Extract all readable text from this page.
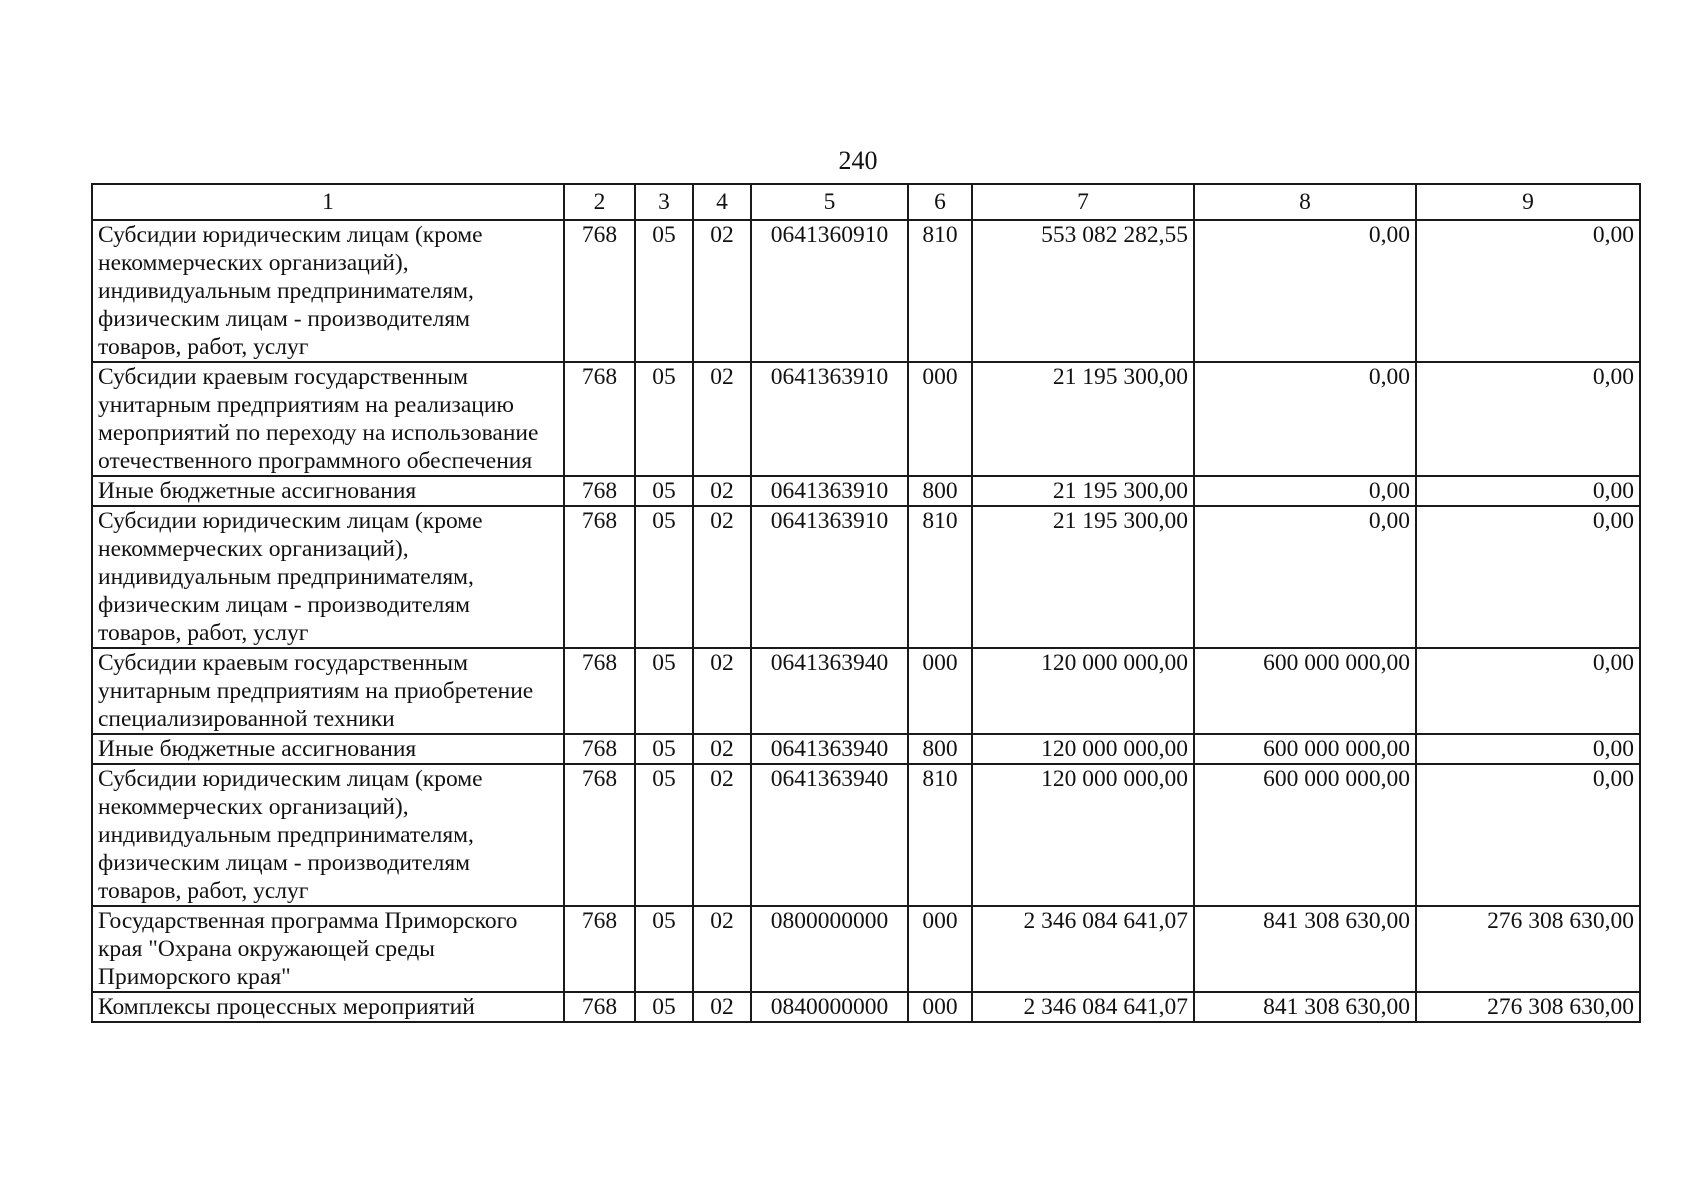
240
1	2	3	4	5	6	7	8	9
Субсидии юридическим лицам (кроме некоммерческих организаций), индивидуальным предпринимателям, физическим лицам - производителям товаров, работ, услуг	768	05	02	0641360910	810	553 082 282,55	0,00	0,00
Субсидии краевым государственным унитарным предприятиям на реализацию мероприятий по переходу на использование отечественного программного обеспечения	768	05	02	0641363910	000	21 195 300,00	0,00	0,00
Иные бюджетные ассигнования	768	05	02	0641363910	800	21 195 300,00	0,00	0,00
Субсидии юридическим лицам (кроме некоммерческих организаций), индивидуальным предпринимателям, физическим лицам - производителям товаров, работ, услуг	768	05	02	0641363910	810	21 195 300,00	0,00	0,00
Субсидии краевым государственным унитарным предприятиям на приобретение специализированной техники	768	05	02	0641363940	000	120 000 000,00	600 000 000,00	0,00
Иные бюджетные ассигнования	768	05	02	0641363940	800	120 000 000,00	600 000 000,00	0,00
Субсидии юридическим лицам (кроме некоммерческих организаций), индивидуальным предпринимателям, физическим лицам - производителям товаров, работ, услуг	768	05	02	0641363940	810	120 000 000,00	600 000 000,00	0,00
Государственная программа Приморского края "Охрана окружающей среды Приморского края"	768	05	02	0800000000	000	2 346 084 641,07	841 308 630,00	276 308 630,00
Комплексы процессных мероприятий	768	05	02	0840000000	000	2 346 084 641,07	841 308 630,00	276 308 630,00
